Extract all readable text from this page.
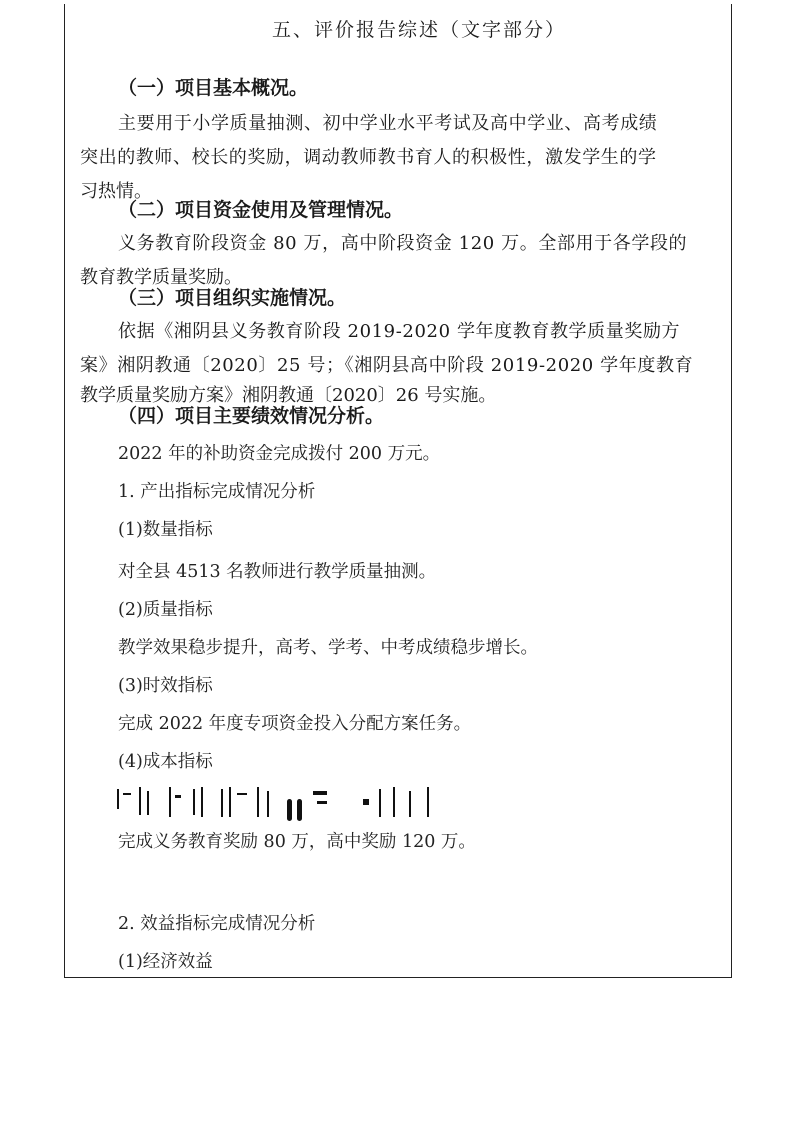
五、评价报告综述（文字部分）
（一）项目基本概况。
主要用于小学质量抽测、初中学业水平考试及高中学业、高考成绩
突出的教师、校长的奖励，调动教师教书育人的积极性，激发学生的学
习热情。
（二）项目资金使用及管理情况。
义务教育阶段资金 80 万，高中阶段资金 120 万。全部用于各学段的
教育教学质量奖励。
（三）项目组织实施情况。
依据《湘阴县义务教育阶段 2019-2020 学年度教育教学质量奖励方
案》湘阴教通〔2020〕25 号；《湘阴县高中阶段 2019-2020 学年度教育
教学质量奖励方案》湘阴教通〔2020〕26 号实施。
（四）项目主要绩效情况分析。
2022 年的补助资金完成拨付 200 万元。
1. 产出指标完成情况分析
(1)数量指标
对全县 4513 名教师进行教学质量抽测。
(2)质量指标
教学效果稳步提升，高考、学考、中考成绩稳步增长。
(3)时效指标
完成 2022 年度专项资金投入分配方案任务。
(4)成本指标
完成义务教育奖励 80 万，高中奖励 120 万。
2. 效益指标完成情况分析
(1)经济效益
